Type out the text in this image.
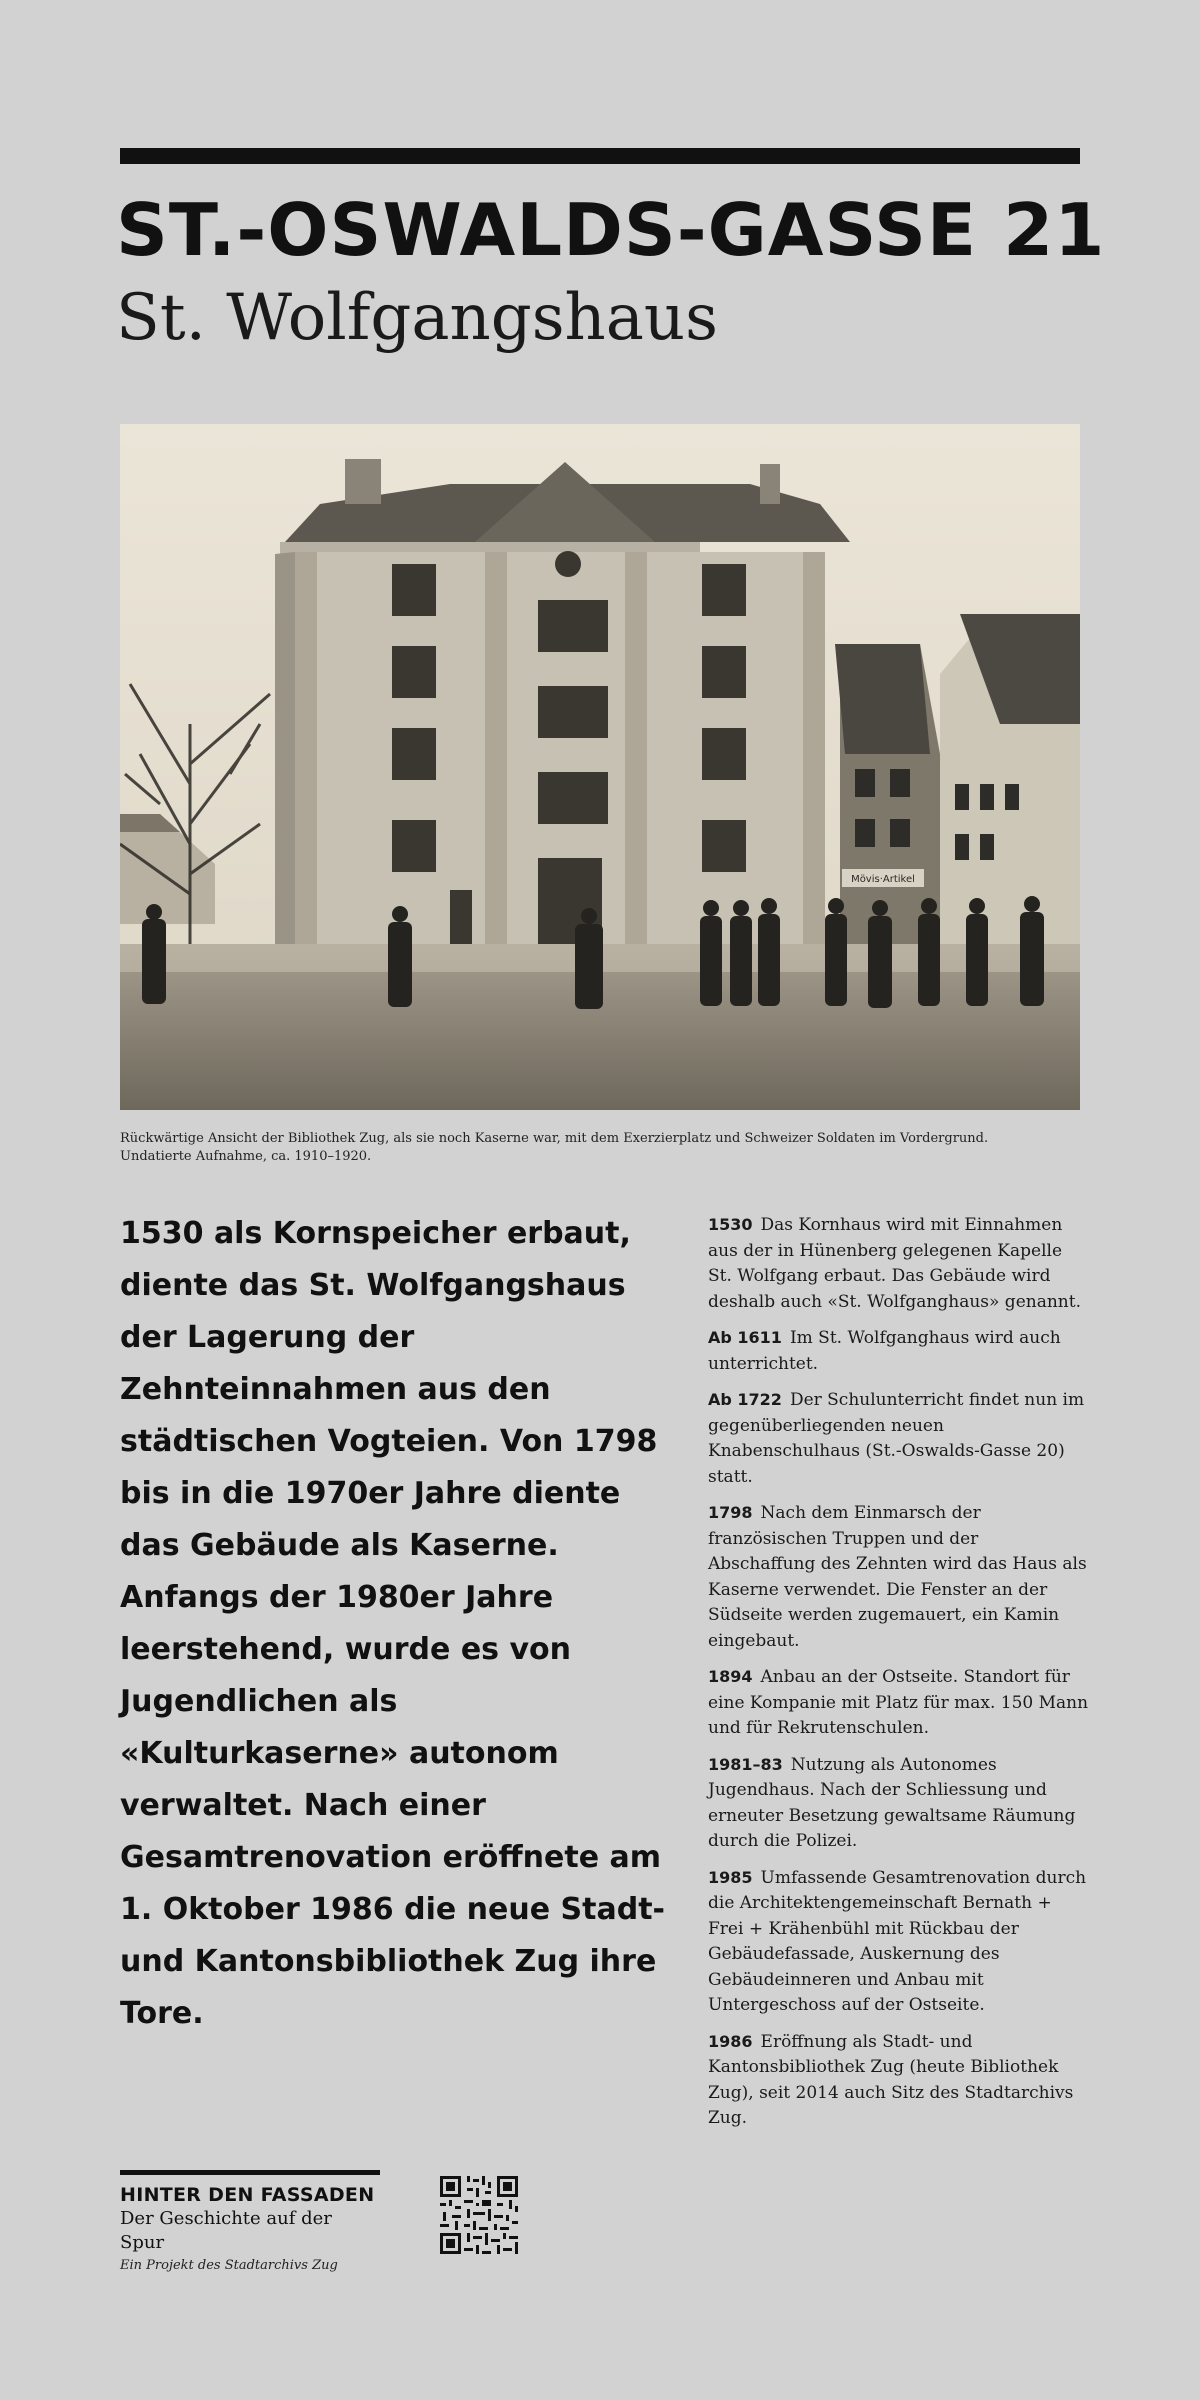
ST.-OSWALDS-GASSE 21
St. Wolfgangshaus
Mövis·Artikel
Rückwärtige Ansicht der Bibliothek Zug, als sie noch Kaserne war, mit dem Exerzierplatz und Schweizer Soldaten im Vordergrund.
Undatierte Aufnahme, ca. 1910–1920.

1530 als Kornspeicher erbaut, diente das St. Wolfgangshaus der Lagerung der Zehnteinnahmen aus den städtischen Vogteien. Von 1798 bis in die 1970er Jahre diente das Gebäude als Kaserne. Anfangs der 1980er Jahre leerstehend, wurde es von Jugendlichen als «Kulturkaserne» autonom verwaltet. Nach einer Gesamtrenovation eröffnete am 1. Oktober 1986 die neue Stadt- und Kantonsbibliothek Zug ihre Tore.

1530 Das Kornhaus wird mit Einnahmen aus der in Hünenberg gelegenen Kapelle St. Wolfgang erbaut. Das Gebäude wird deshalb auch «St. Wolfganghaus» genannt.

Ab 1611 Im St. Wolfganghaus wird auch unterrichtet.

Ab 1722 Der Schulunterricht findet nun im gegenüberliegenden neuen Knabenschulhaus (St.-Oswalds-Gasse 20) statt.

1798 Nach dem Einmarsch der französischen Truppen und der Abschaffung des Zehnten wird das Haus als Kaserne verwendet. Die Fenster an der Südseite werden zugemauert, ein Kamin eingebaut.

1894 Anbau an der Ostseite. Standort für eine Kompanie mit Platz für max. 150 Mann und für Rekrutenschulen.

1981–83 Nutzung als Autonomes Jugendhaus. Nach der Schliessung und erneuter Besetzung gewaltsame Räumung durch die Polizei.

1985 Umfassende Gesamtrenovation durch die Architektengemeinschaft Bernath + Frei + Krähenbühl mit Rückbau der Gebäudefassade, Auskernung des Gebäudeinneren und Anbau mit Untergeschoss auf der Ostseite.

1986 Eröffnung als Stadt- und Kantonsbibliothek Zug (heute Bibliothek Zug), seit 2014 auch Sitz des Stadtarchivs Zug.

HINTER DEN FASSADEN
Der Geschichte auf der Spur
Ein Projekt des Stadtarchivs Zug
